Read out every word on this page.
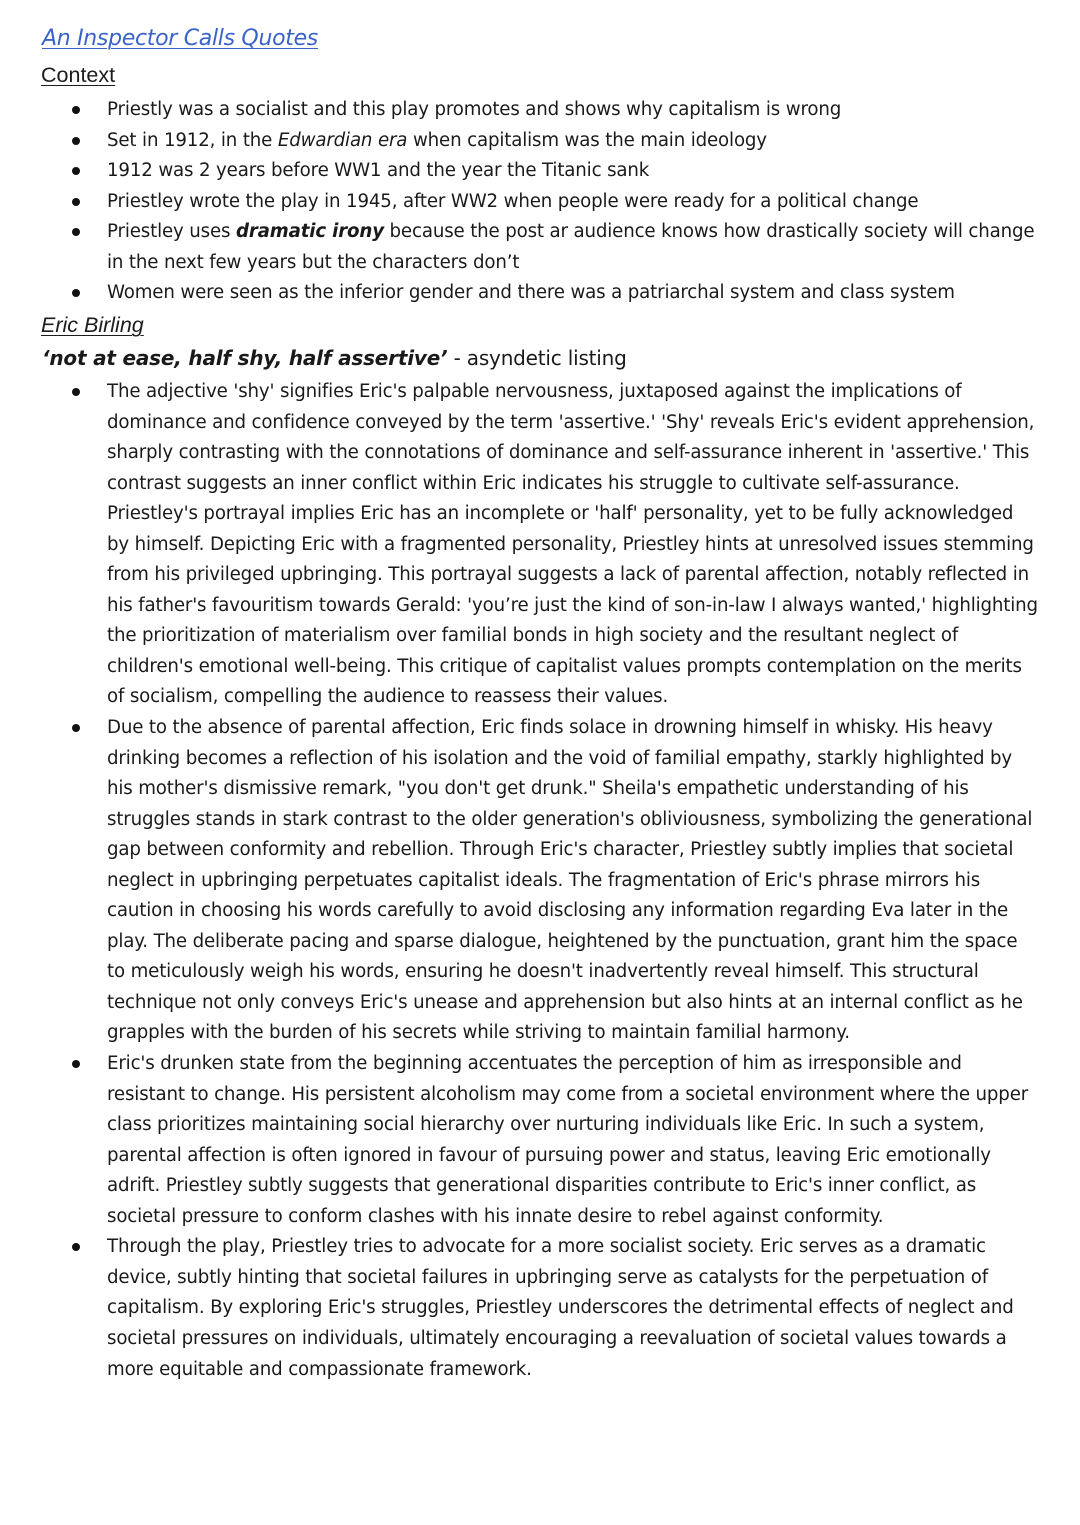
An Inspector Calls Quotes
Context
Priestly was a socialist and this play promotes and shows why capitalism is wrong
Set in 1912, in the Edwardian era when capitalism was the main ideology
1912 was 2 years before WW1 and the year the Titanic sank
Priestley wrote the play in 1945, after WW2 when people were ready for a political change
Priestley uses dramatic irony because the post ar audience knows how drastically society will change in the next few years but the characters don’t
Women were seen as the inferior gender and there was a patriarchal system and class system
Eric Birling
‘not at ease, half shy, half assertive’ - asyndetic listing
The adjective 'shy' signifies Eric's palpable nervousness, juxtaposed against the implications of dominance and confidence conveyed by the term 'assertive.' 'Shy' reveals Eric's evident apprehension, sharply contrasting with the connotations of dominance and self-assurance inherent in 'assertive.' This contrast suggests an inner conflict within Eric indicates his struggle to cultivate self-assurance. Priestley's portrayal implies Eric has an incomplete or 'half' personality, yet to be fully acknowledged by himself. Depicting Eric with a fragmented personality, Priestley hints at unresolved issues stemming from his privileged upbringing. This portrayal suggests a lack of parental affection, notably reflected in his father's favouritism towards Gerald: 'you’re just the kind of son-in-law I always wanted,' highlighting the prioritization of materialism over familial bonds in high society and the resultant neglect of children's emotional well-being. This critique of capitalist values prompts contemplation on the merits of socialism, compelling the audience to reassess their values.
Due to the absence of parental affection, Eric finds solace in drowning himself in whisky. His heavy drinking becomes a reflection of his isolation and the void of familial empathy, starkly highlighted by his mother's dismissive remark, "you don't get drunk." Sheila's empathetic understanding of his struggles stands in stark contrast to the older generation's obliviousness, symbolizing the generational gap between conformity and rebellion. Through Eric's character, Priestley subtly implies that societal neglect in upbringing perpetuates capitalist ideals. The fragmentation of Eric's phrase mirrors his caution in choosing his words carefully to avoid disclosing any information regarding Eva later in the play. The deliberate pacing and sparse dialogue, heightened by the punctuation, grant him the space to meticulously weigh his words, ensuring he doesn't inadvertently reveal himself. This structural technique not only conveys Eric's unease and apprehension but also hints at an internal conflict as he grapples with the burden of his secrets while striving to maintain familial harmony.
Eric's drunken state from the beginning accentuates the perception of him as irresponsible and resistant to change. His persistent alcoholism may come from a societal environment where the upper class prioritizes maintaining social hierarchy over nurturing individuals like Eric. In such a system, parental affection is often ignored in favour of pursuing power and status, leaving Eric emotionally adrift. Priestley subtly suggests that generational disparities contribute to Eric's inner conflict, as societal pressure to conform clashes with his innate desire to rebel against conformity.
Through the play, Priestley tries to advocate for a more socialist society. Eric serves as a dramatic device, subtly hinting that societal failures in upbringing serve as catalysts for the perpetuation of capitalism. By exploring Eric's struggles, Priestley underscores the detrimental effects of neglect and societal pressures on individuals, ultimately encouraging a reevaluation of societal values towards a more equitable and compassionate framework.
